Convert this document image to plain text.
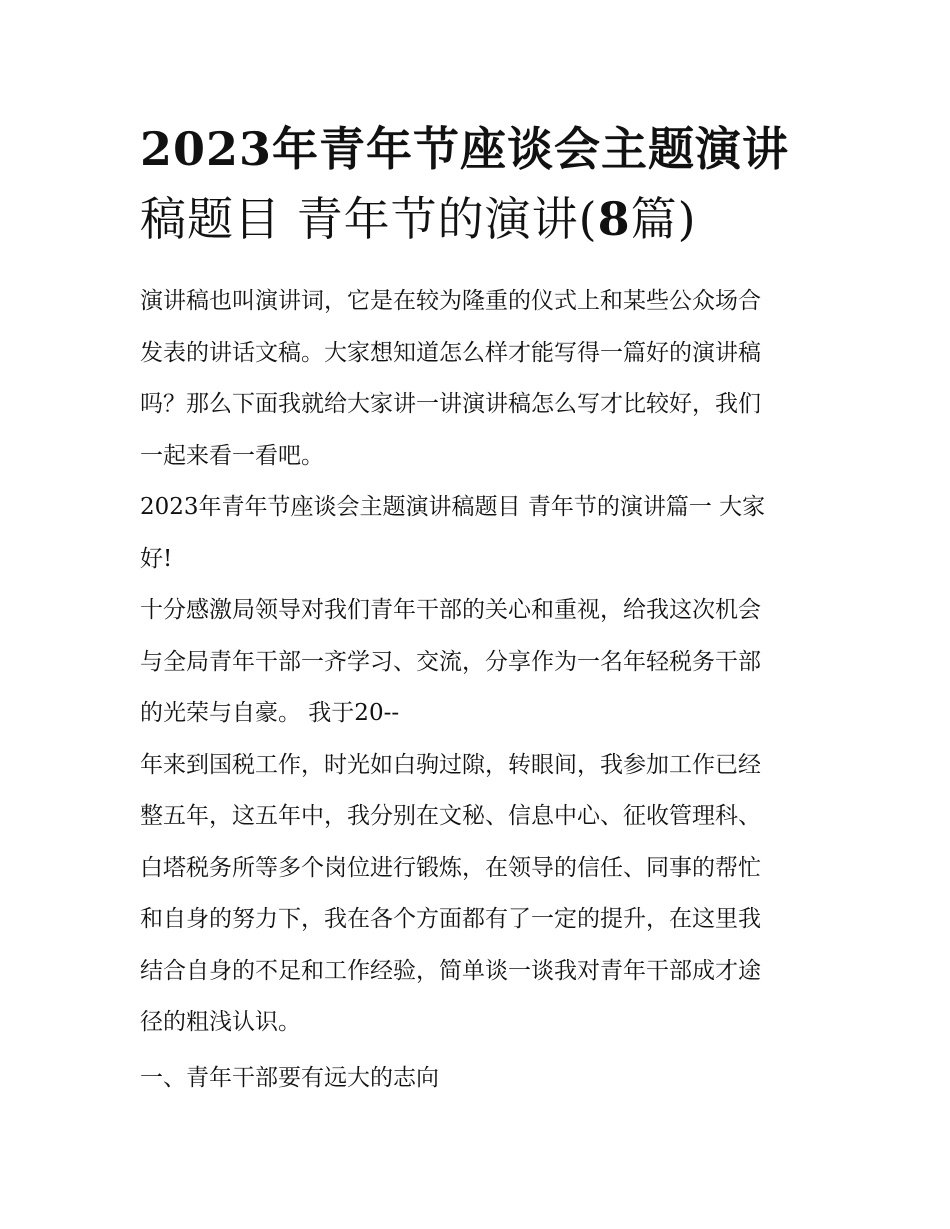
2023年青年节座谈会主题演讲
稿题目 青年节的演讲(8篇)
演讲稿也叫演讲词，它是在较为隆重的仪式上和某些公众场合
发表的讲话文稿。大家想知道怎么样才能写得一篇好的演讲稿
吗？那么下面我就给大家讲一讲演讲稿怎么写才比较好，我们
一起来看一看吧。
2023年青年节座谈会主题演讲稿题目 青年节的演讲篇一 大家
好!
十分感激局领导对我们青年干部的关心和重视，给我这次机会
与全局青年干部一齐学习、交流，分享作为一名年轻税务干部
的光荣与自豪。 我于20--
年来到国税工作，时光如白驹过隙，转眼间，我参加工作已经
整五年，这五年中，我分别在文秘、信息中心、征收管理科、
白塔税务所等多个岗位进行锻炼，在领导的信任、同事的帮忙
和自身的努力下，我在各个方面都有了一定的提升，在这里我
结合自身的不足和工作经验，简单谈一谈我对青年干部成才途
径的粗浅认识。
一、青年干部要有远大的志向
